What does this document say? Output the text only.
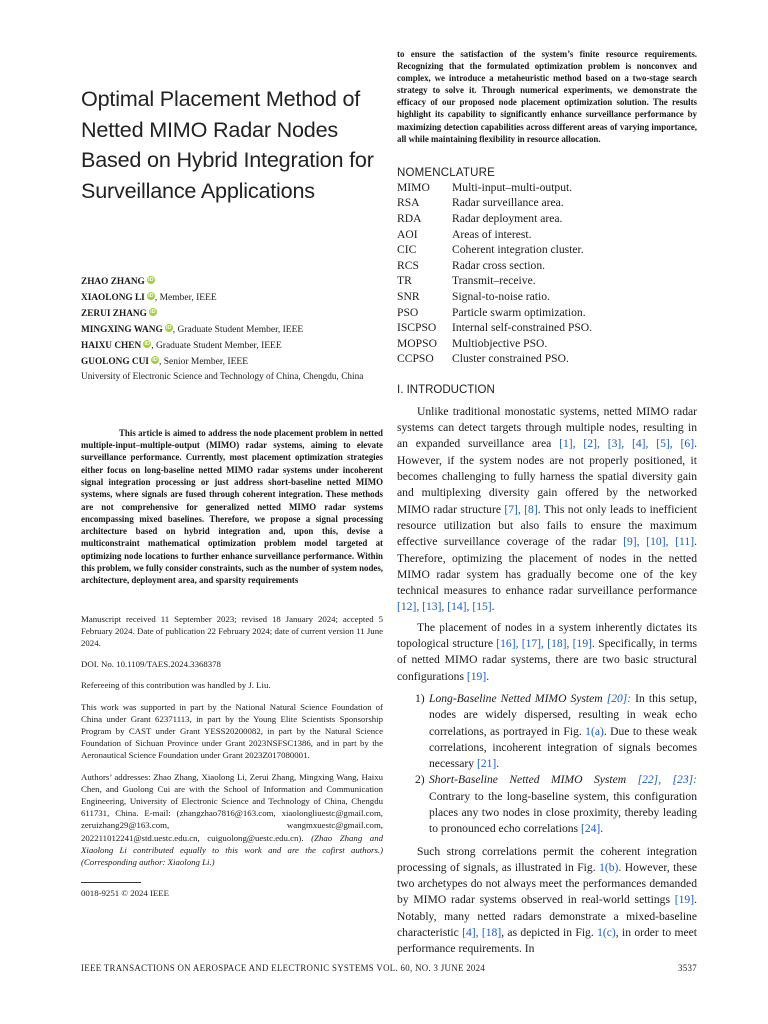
Optimal Placement Method of Netted MIMO Radar Nodes Based on Hybrid Integration for Surveillance Applications
ZHAO ZHANG iD
XIAOLONG LI iD, Member, IEEE
ZERUI ZHANG iD
MINGXING WANG iD, Graduate Student Member, IEEE
HAIXU CHEN iD, Graduate Student Member, IEEE
GUOLONG CUI iD, Senior Member, IEEE
University of Electronic Science and Technology of China, Chengdu, China
This article is aimed to address the node placement problem in netted multiple-input–multiple-output (MIMO) radar systems, aiming to elevate surveillance performance. Currently, most placement optimization strategies either focus on long-baseline netted MIMO radar systems under incoherent signal integration processing or just address short-baseline netted MIMO systems, where signals are fused through coherent integration. These methods are not comprehensive for generalized netted MIMO radar systems encompassing mixed baselines. Therefore, we propose a signal processing architecture based on hybrid integration and, upon this, devise a multiconstraint mathematical optimization problem model targeted at optimizing node locations to further enhance surveillance performance. Within this problem, we fully consider constraints, such as the number of system nodes, architecture, deployment area, and sparsity requirements

Manuscript received 11 September 2023; revised 18 January 2024; accepted 5 February 2024. Date of publication 22 February 2024; date of current version 11 June 2024.

DOI. No. 10.1109/TAES.2024.3368378

Refereeing of this contribution was handled by J. Liu.

This work was supported in part by the National Natural Science Foundation of China under Grant 62371113, in part by the Young Elite Scientists Sponsorship Program by CAST under Grant YESS20200082, in part by the Natural Science Foundation of Sichuan Province under Grant 2023NSFSC1386, and in part by the Aeronautical Science Foundation under Grant 2023Z017080001.

Authors’ addresses: Zhao Zhang, Xiaolong Li, Zerui Zhang, Mingxing Wang, Haixu Chen, and Guolong Cui are with the School of Information and Communication Engineering, University of Electronic Science and Technology of China, Chengdu 611731, China. E-mail: (zhangzhao7816@163.com, xiaolongliuestc@gmail.com, zeruizhang29@163.com, wangmxuestc@gmail.com, 202211012241@std.uestc.edu.cn, cuiguolong@uestc.edu.cn). (Zhao Zhang and Xiaolong Li contributed equally to this work and are the cofirst authors.) (Corresponding author: Xiaolong Li.)

0018-9251 © 2024 IEEE
to ensure the satisfaction of the system’s finite resource requirements. Recognizing that the formulated optimization problem is nonconvex and complex, we introduce a metaheuristic method based on a two-stage search strategy to solve it. Through numerical experiments, we demonstrate the efficacy of our proposed node placement optimization solution. The results highlight its capability to significantly enhance surveillance performance by maximizing detection capabilities across different areas of varying importance, all while maintaining flexibility in resource allocation.
NOMENCLATURE
MIMO	Multi-input–multi-output.
RSA	Radar surveillance area.
RDA	Radar deployment area.
AOI	Areas of interest.
CIC	Coherent integration cluster.
RCS	Radar cross section.
TR	Transmit–receive.
SNR	Signal-to-noise ratio.
PSO	Particle swarm optimization.
ISCPSO	Internal self-constrained PSO.
MOPSO	Multiobjective PSO.
CCPSO	Cluster constrained PSO.
I. INTRODUCTION

Unlike traditional monostatic systems, netted MIMO radar systems can detect targets through multiple nodes, resulting in an expanded surveillance area [1], [2], [3], [4], [5], [6]. However, if the system nodes are not properly positioned, it becomes challenging to fully harness the spatial diversity gain and multiplexing diversity gain offered by the networked MIMO radar structure [7], [8]. This not only leads to inefficient resource utilization but also fails to ensure the maximum effective surveillance coverage of the radar [9], [10], [11]. Therefore, optimizing the placement of nodes in the netted MIMO radar system has gradually become one of the key technical measures to enhance radar surveillance performance [12], [13], [14], [15].

The placement of nodes in a system inherently dictates its topological structure [16], [17], [18], [19]. Specifically, in terms of netted MIMO radar systems, there are two basic structural configurations [19].

1) Long-Baseline Netted MIMO System [20]: In this setup, nodes are widely dispersed, resulting in weak echo correlations, as portrayed in Fig. 1(a). Due to these weak correlations, incoherent integration of signals becomes necessary [21].
2) Short-Baseline Netted MIMO System [22], [23]: Contrary to the long-baseline system, this configuration places any two nodes in close proximity, thereby leading to pronounced echo correlations [24].

Such strong correlations permit the coherent integration processing of signals, as illustrated in Fig. 1(b). However, these two archetypes do not always meet the performances demanded by MIMO radar systems observed in real-world settings [19]. Notably, many netted radars demonstrate a mixed-baseline characteristic [4], [18], as depicted in Fig. 1(c), in order to meet performance requirements. In

IEEE TRANSACTIONS ON AEROSPACE AND ELECTRONIC SYSTEMS VOL. 60, NO. 3 JUNE 2024	3537
